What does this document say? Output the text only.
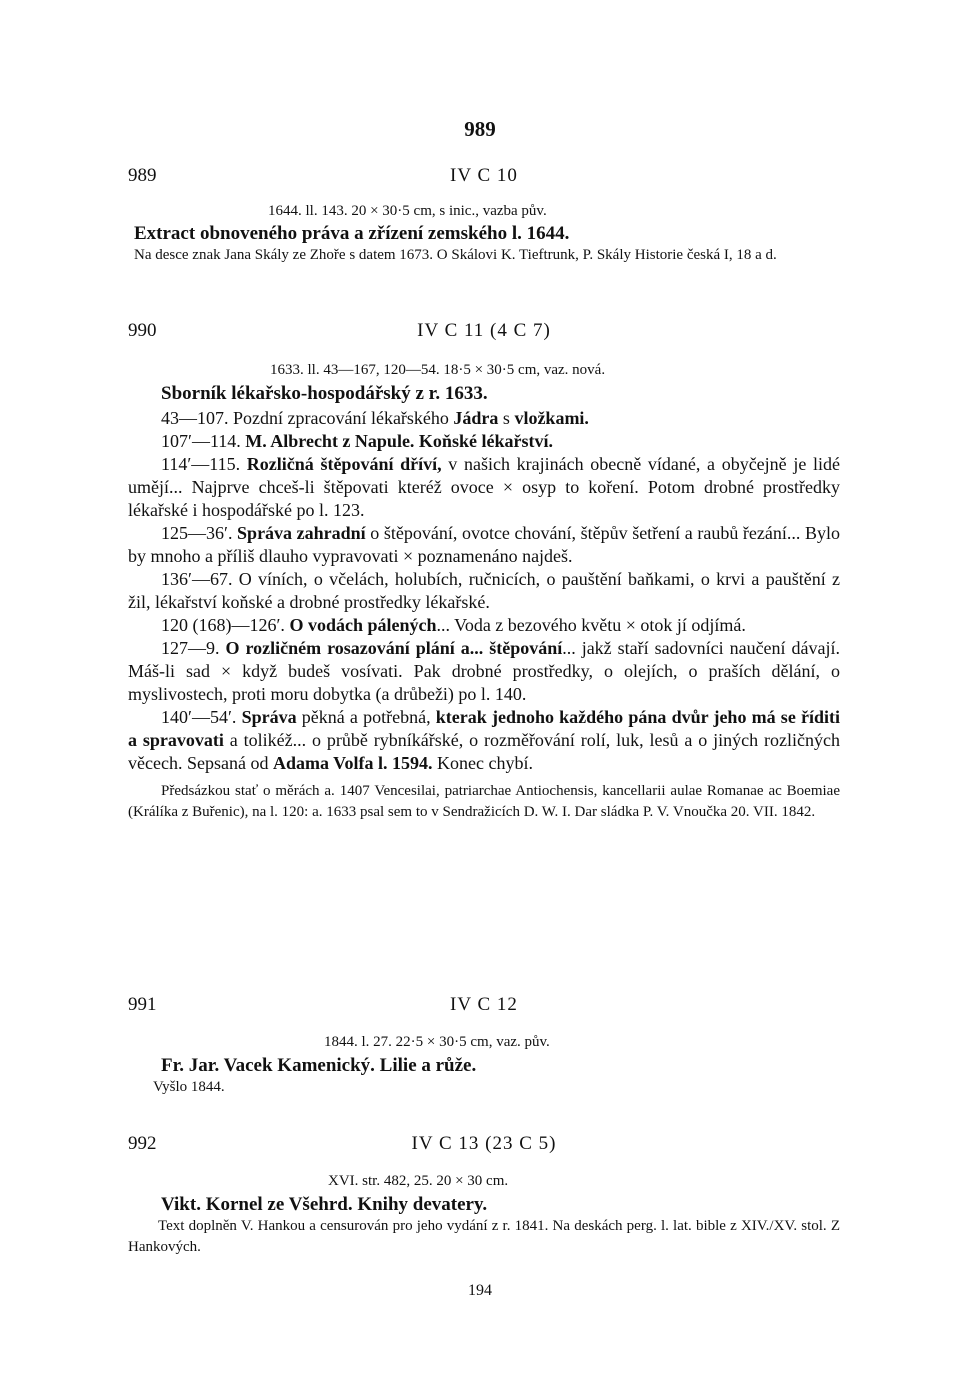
989
989	IV C 10
1644. ll. 143. 20 × 30·5 cm, s inic., vazba pův.
Extract obnoveného práva a zřízení zemského l. 1644.
Na desce znak Jana Skály ze Zhoře s datem 1673. O Skálovi K. Tieftrunk, P. Skály Historie česká I, 18 a d.
990	IV C 11 (4 C 7)
1633. ll. 43—167, 120—54. 18·5 × 30·5 cm, vaz. nová.
Sborník lékařsko-hospodářský z r. 1633.

43—107. Pozdní zpracování lékařského Jádra s vložkami.

107′—114. M. Albrecht z Napule. Koňské lékařství.

114′—115. Rozličná štěpování dříví, v našich krajinách obecně vídané, a obyčejně je lidé umějí... Najprve chceš-li štěpovati kteréž ovoce × osyp to koření. Potom drobné prostředky lékařské i hospodářské po l. 123.

125—36′. Správa zahradní o štěpování, ovotce chování, štěpův šetření a raubů řezání... Bylo by mnoho a příliš dlauho vypravovati × poznamenáno najdeš.

136′—67. O víních, o včelách, holubích, ručnicích, o pauštění baňkami, o krvi a pauštění z žil, lékařství koňské a drobné prostředky lékařské.

120 (168)—126′. O vodách pálených... Voda z bezového květu × otok jí odjímá.

127—9. O rozličném rosazování plání a... štěpování... jakž staří sadovníci naučení dávají. Máš-li sad × když budeš vosívati. Pak drobné prostředky, o olejích, o praších dělání, o myslivostech, proti moru dobytka (a drůbeži) po l. 140.

140′—54′. Správa pěkná a potřebná, kterak jednoho každého pána dvůr jeho má se říditi a spravovati a tolikéž... o průbě rybníkářské, o rozměřování rolí, luk, lesů a o jiných rozličných věcech. Sepsaná od Adama Volfa l. 1594. Konec chybí.

Předsázkou stať o měrách a. 1407 Vencesilai, patriarchae Antiochensis, kancellarii aulae Romanae ac Boemiae (Králíka z Buřenic), na l. 120: a. 1633 psal sem to v Sendražicích D. W. I. Dar sládka P. V. Vnoučka 20. VII. 1842.
991	IV C 12
1844. l. 27. 22·5 × 30·5 cm, vaz. pův.
Fr. Jar. Vacek Kamenický. Lilie a růže.
Vyšlo 1844.
992	IV C 13 (23 C 5)
XVI. str. 482, 25. 20 × 30 cm.
Vikt. Kornel ze Všehrd. Knihy devatery.
Text doplněn V. Hankou a censurován pro jeho vydání z r. 1841. Na deskách perg. l. lat. bible z XIV./XV. stol. Z Hankových.
194
